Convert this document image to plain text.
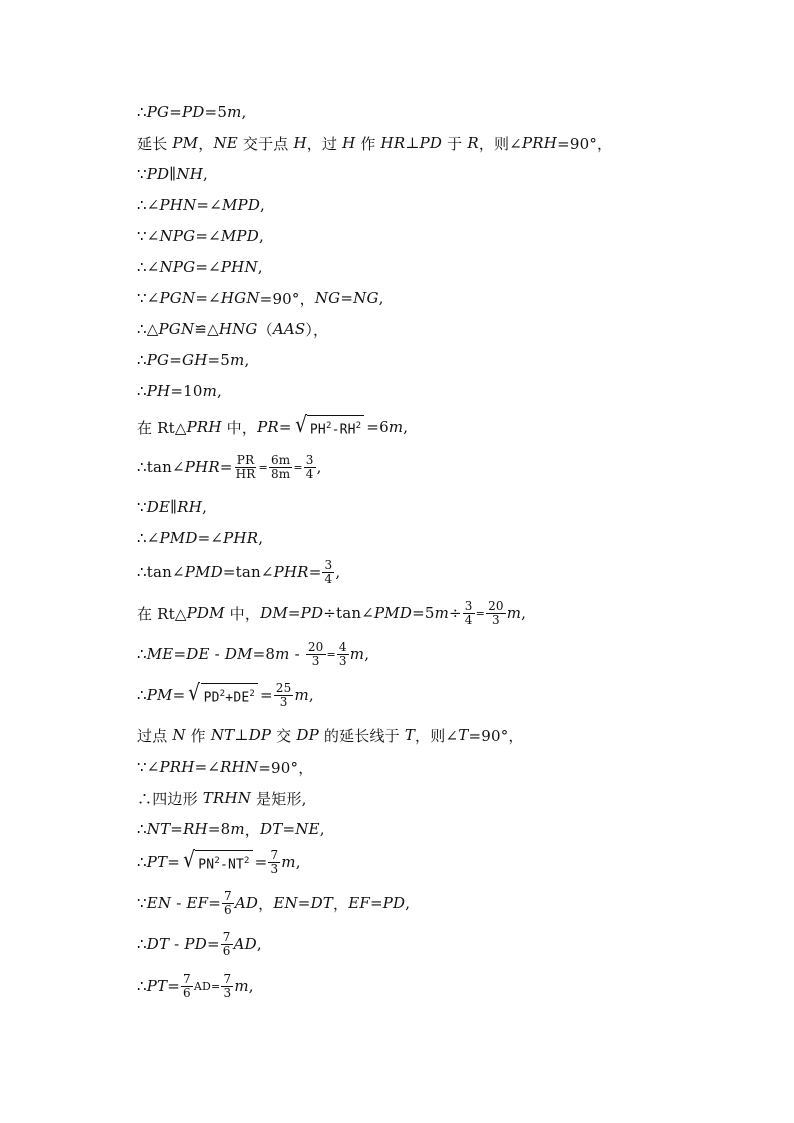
∴ PG = PD =5 m ,
延长 PM ， NE 交于点 H ，过 H 作 HR ⊥ PD 于 R ，则∠ PRH =90°，
∵ PD ∥ NH ,
∴∠ PHN =∠ MPD ,
∵∠ NPG =∠ MPD ,
∴∠ NPG =∠ PHN ,
∵∠ PGN =∠ HGN =90°， NG = NG ,
∴△ PGN ≌△ HNG （ AAS ），
∴ PG = GH =5 m ,
∴ PH =10 m ,
在 Rt△ PRH 中， PR = √ $PH^2-RH^2 =6$ m ,
∴tan∠ PHR = $\frac{PR}{HR} = \frac{6m}{8m} = \frac{3}{4}$ ,
∵ DE ∥ RH ,
∴∠ PMD =∠ PHR ,
∴tan∠ PMD =tan∠ PHR = $\frac{3}{4}$ ,
在 Rt△ PDM 中， DM = PD ÷tan∠ PMD =5 $m \div \frac{3}{4} = \frac{20}{3}$ m ,
∴ ME = DE - DM =8 $m - \frac{20}{3} = \frac{4}{3}$ m ,
∴ PM = √ $PD^2+DE^2 = \frac{25}{3}$ m ,
过点 N 作 NT ⊥ DP 交 DP 的延长线于 T ，则∠ T =90°，
∵∠ PRH =∠ RHN =90°，
∴四边形 TRHN 是矩形,
∴ NT = RH =8 m ， DT = NE ,
∴ PT = √ $PN^2-NT^2 = \frac{7}{3}$ m ,
∵ EN - EF = $\frac{7}{6}$ AD ， EN = DT ， EF = PD ,
∴ DT - PD = $\frac{7}{6}$ AD ,
∴ PT = $\frac{7}{6}$ AD = $\frac{7}{3}$ m ,
